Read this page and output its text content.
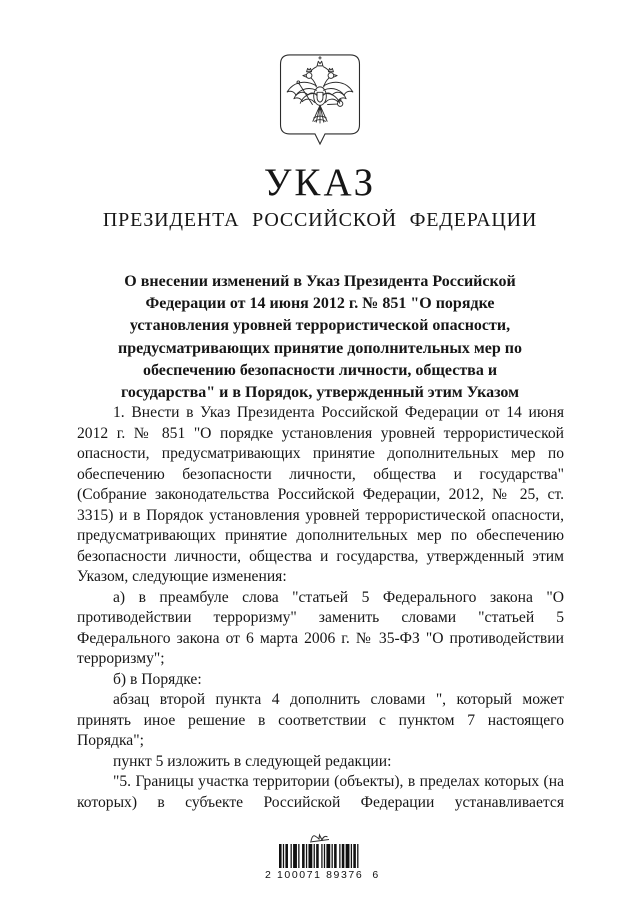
УКАЗ
ПРЕЗИДЕНТА РОССИЙСКОЙ ФЕДЕРАЦИИ

О внесении изменений в Указ Президента Российской Федерации от 14 июня 2012 г. № 851 "О порядке установления уровней террористической опасности, предусматривающих принятие дополнительных мер по обеспечению безопасности личности, общества и государства" и в Порядок, утвержденный этим Указом

1. Внести в Указ Президента Российской Федерации от 14 июня 2012 г. № 851 "О порядке установления уровней террористической опасности, предусматривающих принятие дополнительных мер по обеспечению безопасности личности, общества и государства" (Собрание законодательства Российской Федерации, 2012, № 25, ст. 3315) и в Порядок установления уровней террористической опасности, предусматривающих принятие дополнительных мер по обеспечению безопасности личности, общества и государства, утвержденный этим Указом, следующие изменения:

а) в преамбуле слова "статьей 5 Федерального закона "О противодействии терроризму" заменить словами "статьей 5 Федерального закона от 6 марта 2006 г. № 35-ФЗ "О противодействии терроризму";

б) в Порядке:

абзац второй пункта 4 дополнить словами ", который может принять иное решение в соответствии с пунктом 7 настоящего Порядка";

пункт 5 изложить в следующей редакции:

"5. Границы участка территории (объекты), в пределах которых (на которых) в субъекте Российской Федерации устанавливается

2 100071 89376  6
